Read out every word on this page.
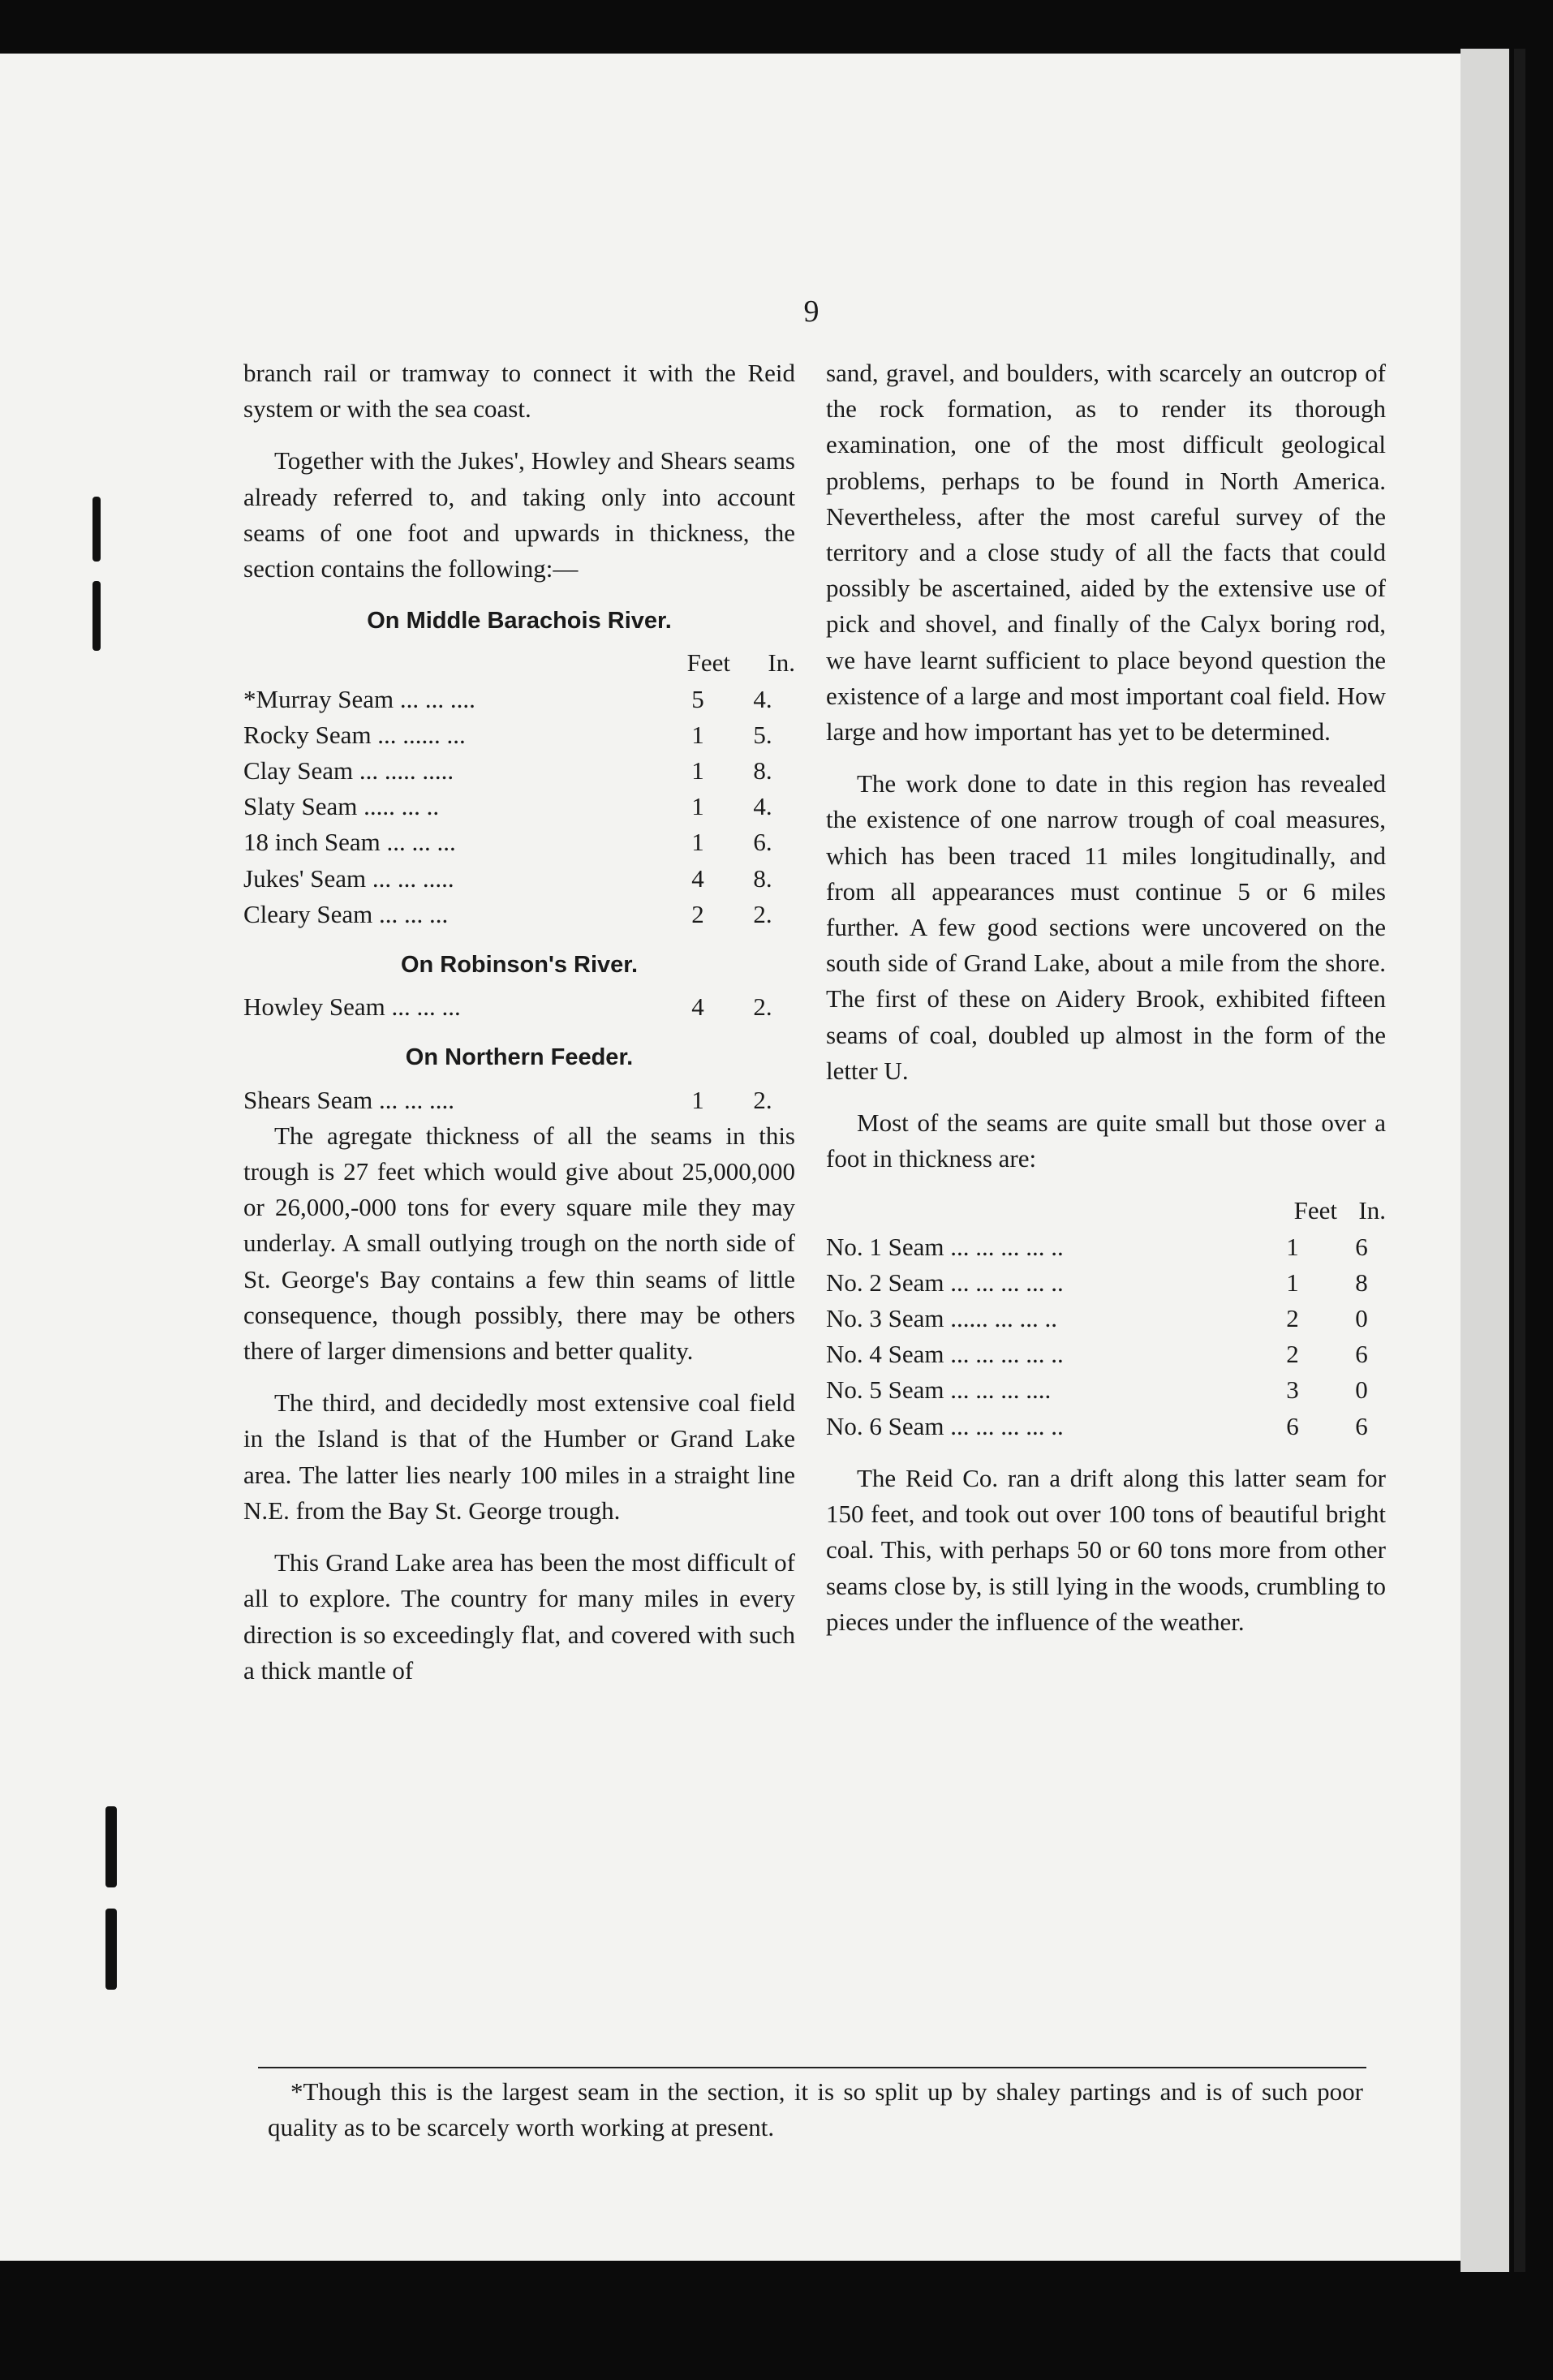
9

branch rail or tramway to connect it with the Reid system or with the sea coast.

Together with the Jukes', Howley and Shears seams already referred to, and taking only into account seams of one foot and upwards in thickness, the section contains the following:—

On Middle Barachois River.
Feet	In.
*Murray Seam ... ... ....	5	4.
Rocky Seam ... ...... ...	1	5.
Clay Seam ... ..... .....	1	8.
Slaty Seam ..... ... ..	1	4.
18 inch Seam ... ... ...	1	6.
Jukes' Seam ... ... .....	4	8.
Cleary Seam ... ... ...	2	2.
On Robinson's River.
Howley Seam ... ... ...	4	2.
On Northern Feeder.
Shears Seam ... ... ....	1	2.

The agregate thickness of all the seams in this trough is 27 feet which would give about 25,000,000 or 26,000,-000 tons for every square mile they may underlay. A small outlying trough on the north side of St. George's Bay contains a few thin seams of little consequence, though possibly, there may be others there of larger dimensions and better quality.

The third, and decidedly most extensive coal field in the Island is that of the Humber or Grand Lake area. The latter lies nearly 100 miles in a straight line N.E. from the Bay St. George trough.

This Grand Lake area has been the most difficult of all to explore. The country for many miles in every direction is so exceedingly flat, and covered with such a thick mantle of

sand, gravel, and boulders, with scarcely an outcrop of the rock formation, as to render its thorough examination, one of the most difficult geological problems, perhaps to be found in North America. Nevertheless, after the most careful survey of the territory and a close study of all the facts that could possibly be ascertained, aided by the extensive use of pick and shovel, and finally of the Calyx boring rod, we have learnt sufficient to place beyond question the existence of a large and most important coal field. How large and how important has yet to be determined.

The work done to date in this region has revealed the existence of one narrow trough of coal measures, which has been traced 11 miles longitudinally, and from all appearances must continue 5 or 6 miles further. A few good sections were uncovered on the south side of Grand Lake, about a mile from the shore. The first of these on Aidery Brook, exhibited fifteen seams of coal, doubled up almost in the form of the letter U.

Most of the seams are quite small but those over a foot in thickness are:

Feet In.
No. 1 Seam ... ... ... ... ..	1	6
No. 2 Seam ... ... ... ... ..	1	8
No. 3 Seam ...... ... ... ..	2	0
No. 4 Seam ... ... ... ... ..	2	6
No. 5 Seam ... ... ... ....	3	0
No. 6 Seam ... ... ... ... ..	6	6

The Reid Co. ran a drift along this latter seam for 150 feet, and took out over 100 tons of beautiful bright coal. This, with perhaps 50 or 60 tons more from other seams close by, is still lying in the woods, crumbling to pieces under the influence of the weather.

*Though this is the largest seam in the section, it is so split up by shaley partings and is of such poor quality as to be scarcely worth working at present.
